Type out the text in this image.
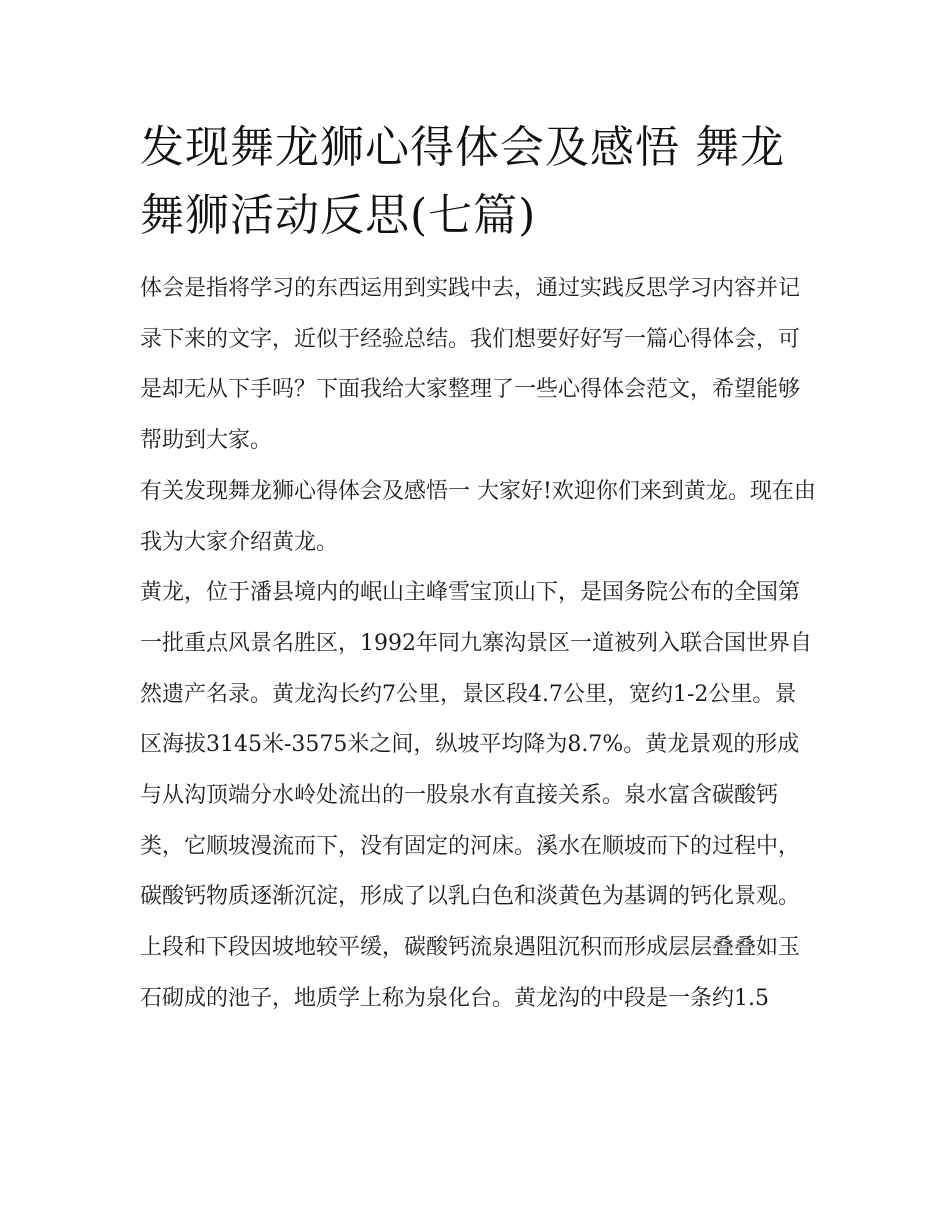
发现舞龙狮心得体会及感悟 舞龙舞狮活动反思(七篇)

体会是指将学习的东西运用到实践中去，通过实践反思学习内容并记录下来的文字，近似于经验总结。我们想要好好写一篇心得体会，可是却无从下手吗？下面我给大家整理了一些心得体会范文，希望能够帮助到大家。

有关发现舞龙狮心得体会及感悟一 大家好!欢迎你们来到黄龙。现在由我为大家介绍黄龙。

黄龙，位于潘县境内的岷山主峰雪宝顶山下，是国务院公布的全国第一批重点风景名胜区，1992年同九寨沟景区一道被列入联合国世界自然遗产名录。黄龙沟长约7公里，景区段4.7公里，宽约1-2公里。景区海拔3145米-3575米之间，纵坡平均降为8.7%。黄龙景观的形成与从沟顶端分水岭处流出的一股泉水有直接关系。泉水富含碳酸钙类，它顺坡漫流而下，没有固定的河床。溪水在顺坡而下的过程中，碳酸钙物质逐渐沉淀，形成了以乳白色和淡黄色为基调的钙化景观。上段和下段因坡地较平缓，碳酸钙流泉遇阻沉积而形成层层叠叠如玉石砌成的池子，地质学上称为泉化台。黄龙沟的中段是一条约1.5
